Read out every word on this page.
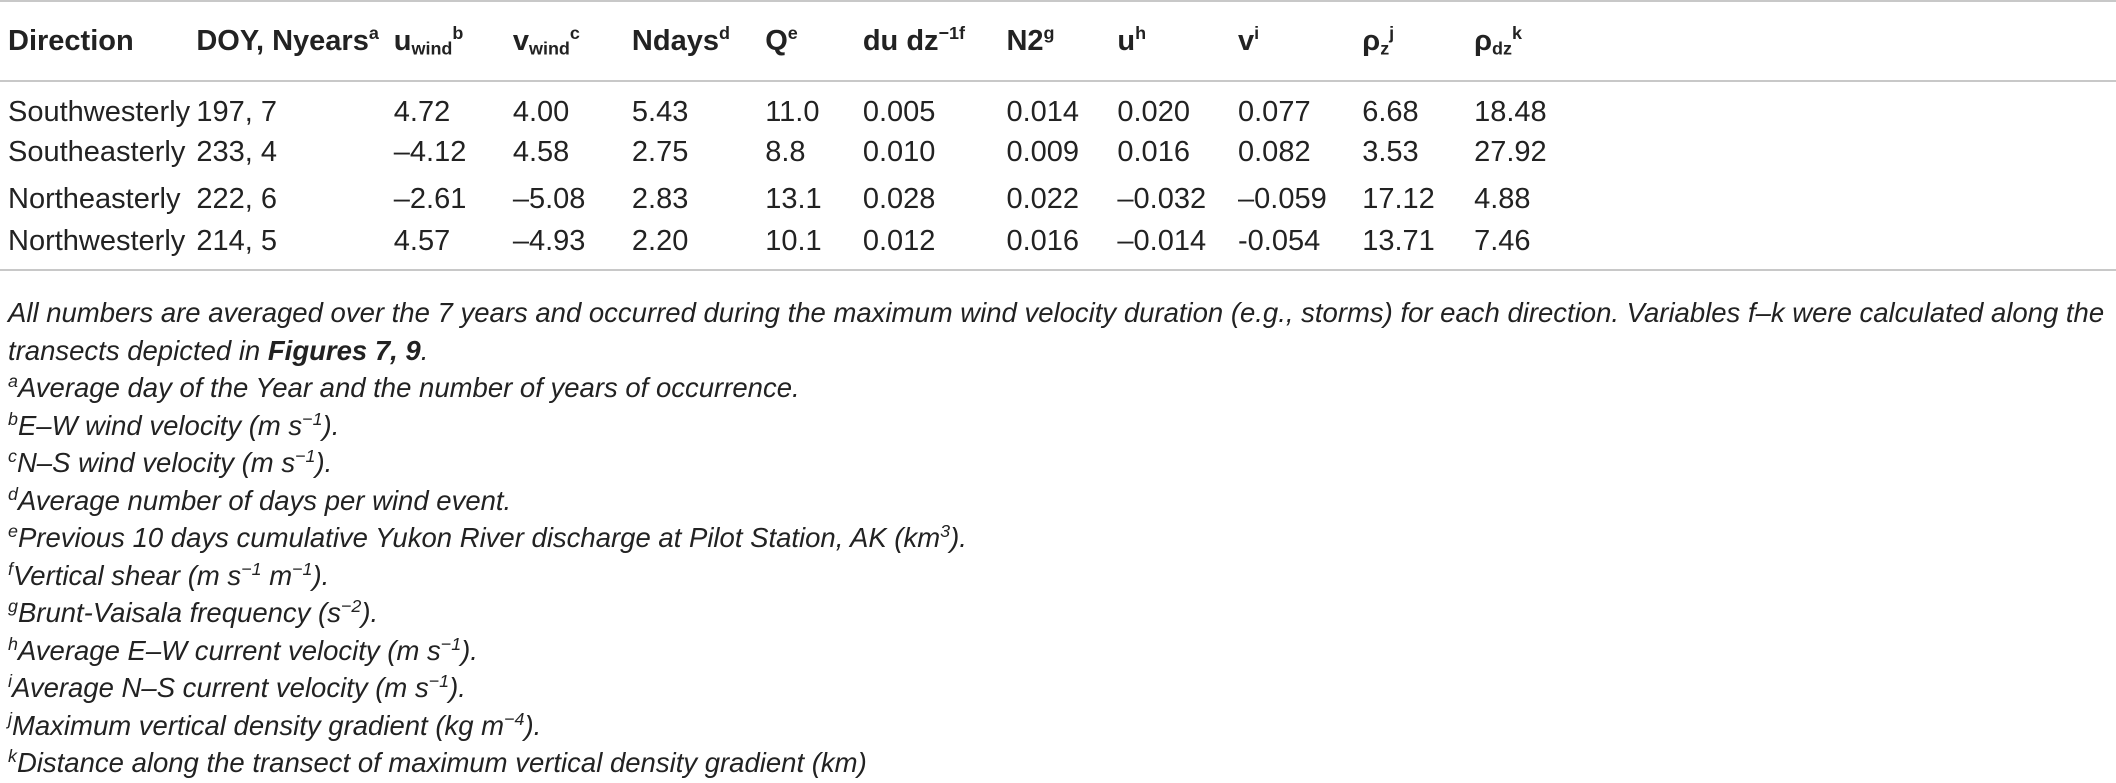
Direction	DOY, Nyears$^a$	$u_{wind}^b$	$v_{wind}^c$	Ndays$^d$	$Q^e$	du $dz^{-1f}$	N2$^g$	$u^h$	$v^i$	$\rho_z^j$	$\rho_{dz}^k$
Southwesterly	197, 7	4.72	4.00	5.43	11.0	0.005	0.014	0.020	0.077	6.68	18.48
Southeasterly	233, 4	–4.12	4.58	2.75	8.8	0.010	0.009	0.016	0.082	3.53	27.92
Northeasterly	222, 6	–2.61	–5.08	2.83	13.1	0.028	0.022	–0.032	–0.059	17.12	4.88
Northwesterly	214, 5	4.57	–4.93	2.20	10.1	0.012	0.016	–0.014	-0.054	13.71	7.46

All numbers are averaged over the 7 years and occurred during the maximum wind velocity duration (e.g., storms) for each direction. Variables f–k were calculated along the transects depicted in Figures 7, 9.

$^a$Average day of the Year and the number of years of occurrence.

$^b$E–W wind velocity (m $s^{-1}$).

$^c$N–S wind velocity (m $s^{-1}$).

$^d$Average number of days per wind event.

$^e$Previous 10 days cumulative Yukon River discharge at Pilot Station, AK $(km^3)$.

$^f$Vertical shear (m $s^{-1}$ $m^{-1}$).

$^g$Brunt-Vaisala frequency $(s^{-2})$.

$^h$Average E–W current velocity (m $s^{-1}$).

$^i$Average N–S current velocity (m $s^{-1}$).

$^j$Maximum vertical density gradient (kg $m^{-4}$).

$^k$Distance along the transect of maximum vertical density gradient (km)
